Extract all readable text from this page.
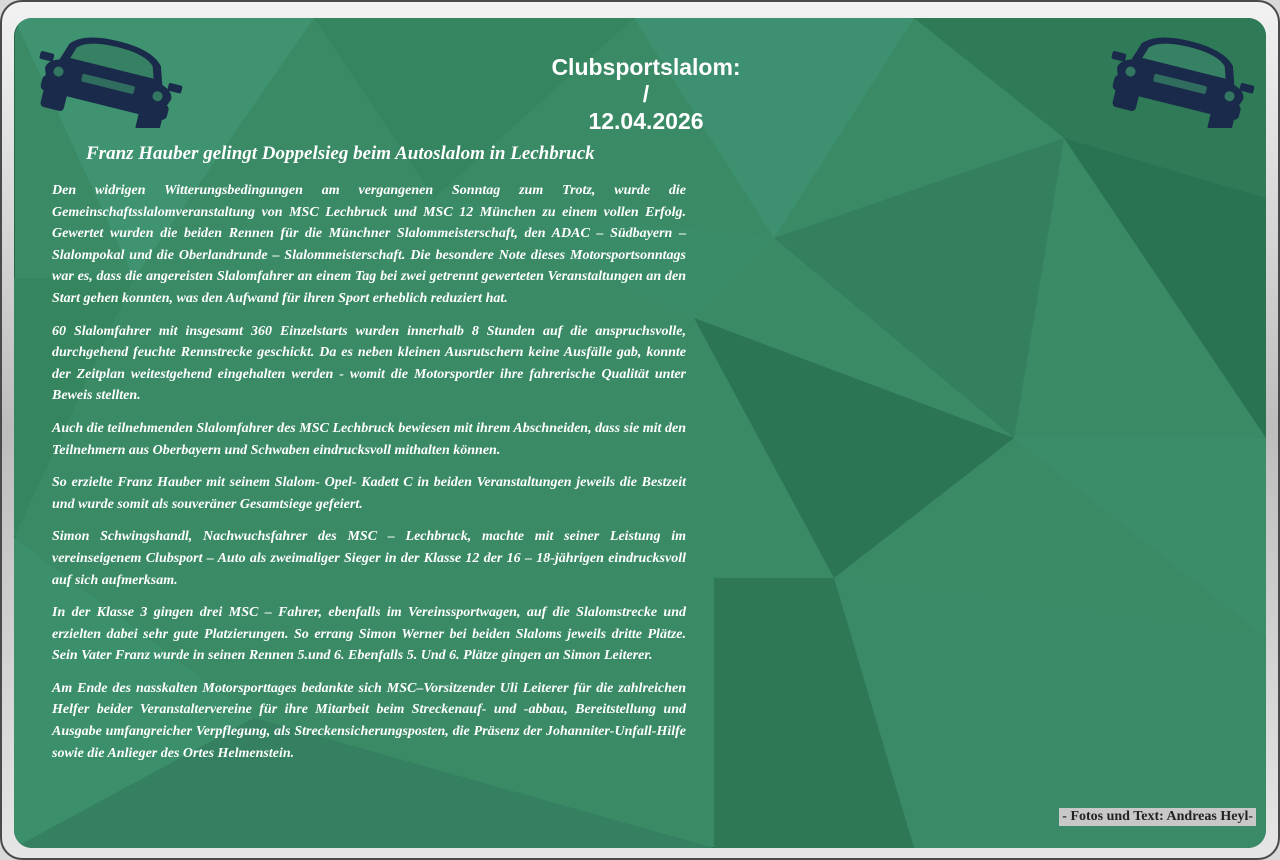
Clubsportslalom:
/
12.04.2026
Franz Hauber gelingt Doppelsieg beim Autoslalom in Lechbruck

Den widrigen Witterungsbedingungen am vergangenen Sonntag zum Trotz, wurde die Gemeinschaftsslalomveranstaltung von MSC Lechbruck und MSC 12 München zu einem vollen Erfolg. Gewertet wurden die beiden Rennen für die Münchner Slalommeisterschaft, den ADAC – Südbayern – Slalompokal und die Oberlandrunde – Slalommeisterschaft. Die besondere Note dieses Motorsportsonntags war es, dass die angereisten Slalomfahrer an einem Tag bei zwei getrennt gewerteten Veranstaltungen an den Start gehen konnten, was den Aufwand für ihren Sport erheblich reduziert hat.

60 Slalomfahrer mit insgesamt 360 Einzelstarts wurden innerhalb 8 Stunden auf die anspruchsvolle, durchgehend feuchte Rennstrecke geschickt. Da es neben kleinen Ausrutschern keine Ausfälle gab, konnte der Zeitplan weitestgehend eingehalten werden - womit die Motorsportler ihre fahrerische Qualität unter Beweis stellten.

Auch die teilnehmenden Slalomfahrer des MSC Lechbruck bewiesen mit ihrem Abschneiden, dass sie mit den Teilnehmern aus Oberbayern und Schwaben eindrucksvoll mithalten können.

So erzielte Franz Hauber mit seinem Slalom- Opel- Kadett C in beiden Veranstaltungen jeweils die Bestzeit und wurde somit als souveräner Gesamtsiege gefeiert.

Simon Schwingshandl, Nachwuchsfahrer des MSC – Lechbruck, machte mit seiner Leistung im vereinseigenem Clubsport – Auto als zweimaliger Sieger in der Klasse 12 der 16 – 18-jährigen eindrucksvoll auf sich aufmerksam.

In der Klasse 3 gingen drei MSC – Fahrer, ebenfalls im Vereinssportwagen, auf die Slalomstrecke und erzielten dabei sehr gute Platzierungen. So errang Simon Werner bei beiden Slaloms jeweils dritte Plätze. Sein Vater Franz wurde in seinen Rennen 5.und 6. Ebenfalls 5. Und 6. Plätze gingen an Simon Leiterer.

Am Ende des nasskalten Motorsporttages bedankte sich MSC–Vorsitzender Uli Leiterer für die zahlreichen Helfer beider Veranstaltervereine für ihre Mitarbeit beim Streckenauf- und -abbau, Bereitstellung und Ausgabe umfangreicher Verpflegung, als Streckensicherungsposten, die Präsenz der Johanniter-Unfall-Hilfe sowie die Anlieger des Ortes Helmenstein.

- Fotos und Text: Andreas Heyl-
